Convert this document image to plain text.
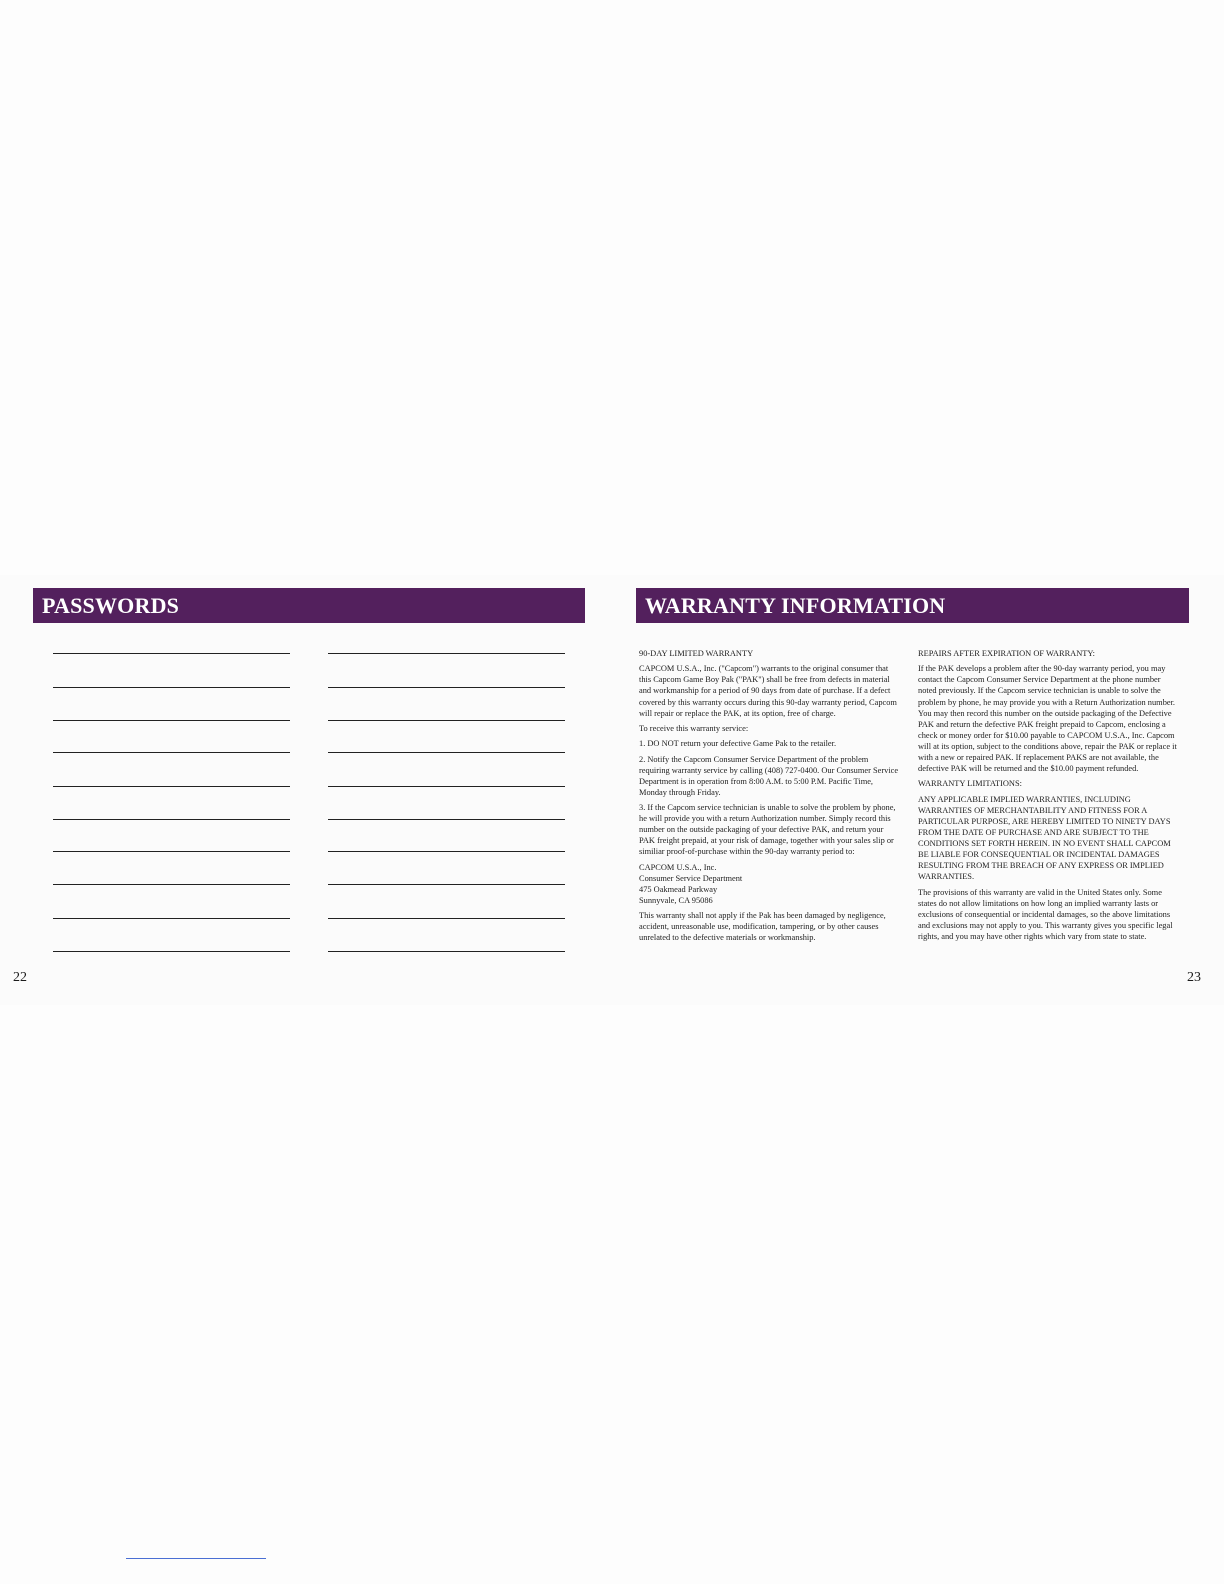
PASSWORDS
22
WARRANTY INFORMATION

90-DAY LIMITED WARRANTY

CAPCOM U.S.A., Inc. ("Capcom") warrants to the original consumer that this Capcom Game Boy Pak ("PAK") shall be free from defects in material and workmanship for a period of 90 days from date of purchase. If a defect covered by this warranty occurs during this 90-day warranty period, Capcom will repair or replace the PAK, at its option, free of charge.

To receive this warranty service:

1. DO NOT return your defective Game Pak to the retailer.

2. Notify the Capcom Consumer Service Department of the problem requiring warranty service by calling (408) 727-0400. Our Consumer Service Department is in operation from 8:00 A.M. to 5:00 P.M. Pacific Time, Monday through Friday.

3. If the Capcom service technician is unable to solve the problem by phone, he will provide you with a return Authorization number. Simply record this number on the outside packaging of your defective PAK, and return your PAK freight prepaid, at your risk of damage, together with your sales slip or similiar proof-of-purchase within the 90-day warranty period to:

CAPCOM U.S.A., Inc.
Consumer Service Department
475 Oakmead Parkway
Sunnyvale, CA 95086

This warranty shall not apply if the Pak has been damaged by negligence, accident, unreasonable use, modification, tampering, or by other causes unrelated to the defective materials or workmanship.

REPAIRS AFTER EXPIRATION OF WARRANTY:

If the PAK develops a problem after the 90-day warranty period, you may contact the Capcom Consumer Service Department at the phone number noted previously. If the Capcom service technician is unable to solve the problem by phone, he may provide you with a Return Authorization number. You may then record this number on the outside packaging of the Defective PAK and return the defective PAK freight prepaid to Capcom, enclosing a check or money order for $10.00 payable to CAPCOM U.S.A., Inc. Capcom will at its option, subject to the conditions above, repair the PAK or replace it with a new or repaired PAK. If replacement PAKS are not available, the defective PAK will be returned and the $10.00 payment refunded.

WARRANTY LIMITATIONS:

ANY APPLICABLE IMPLIED WARRANTIES, INCLUDING WARRANTIES OF MERCHANTABILITY AND FITNESS FOR A PARTICULAR PURPOSE, ARE HEREBY LIMITED TO NINETY DAYS FROM THE DATE OF PURCHASE AND ARE SUBJECT TO THE CONDITIONS SET FORTH HEREIN. IN NO EVENT SHALL CAPCOM BE LIABLE FOR CONSEQUENTIAL OR INCIDENTAL DAMAGES RESULTING FROM THE BREACH OF ANY EXPRESS OR IMPLIED WARRANTIES.

The provisions of this warranty are valid in the United States only. Some states do not allow limitations on how long an implied warranty lasts or exclusions of consequential or incidental damages, so the above limitations and exclusions may not apply to you. This warranty gives you specific legal rights, and you may have other rights which vary from state to state.

23
